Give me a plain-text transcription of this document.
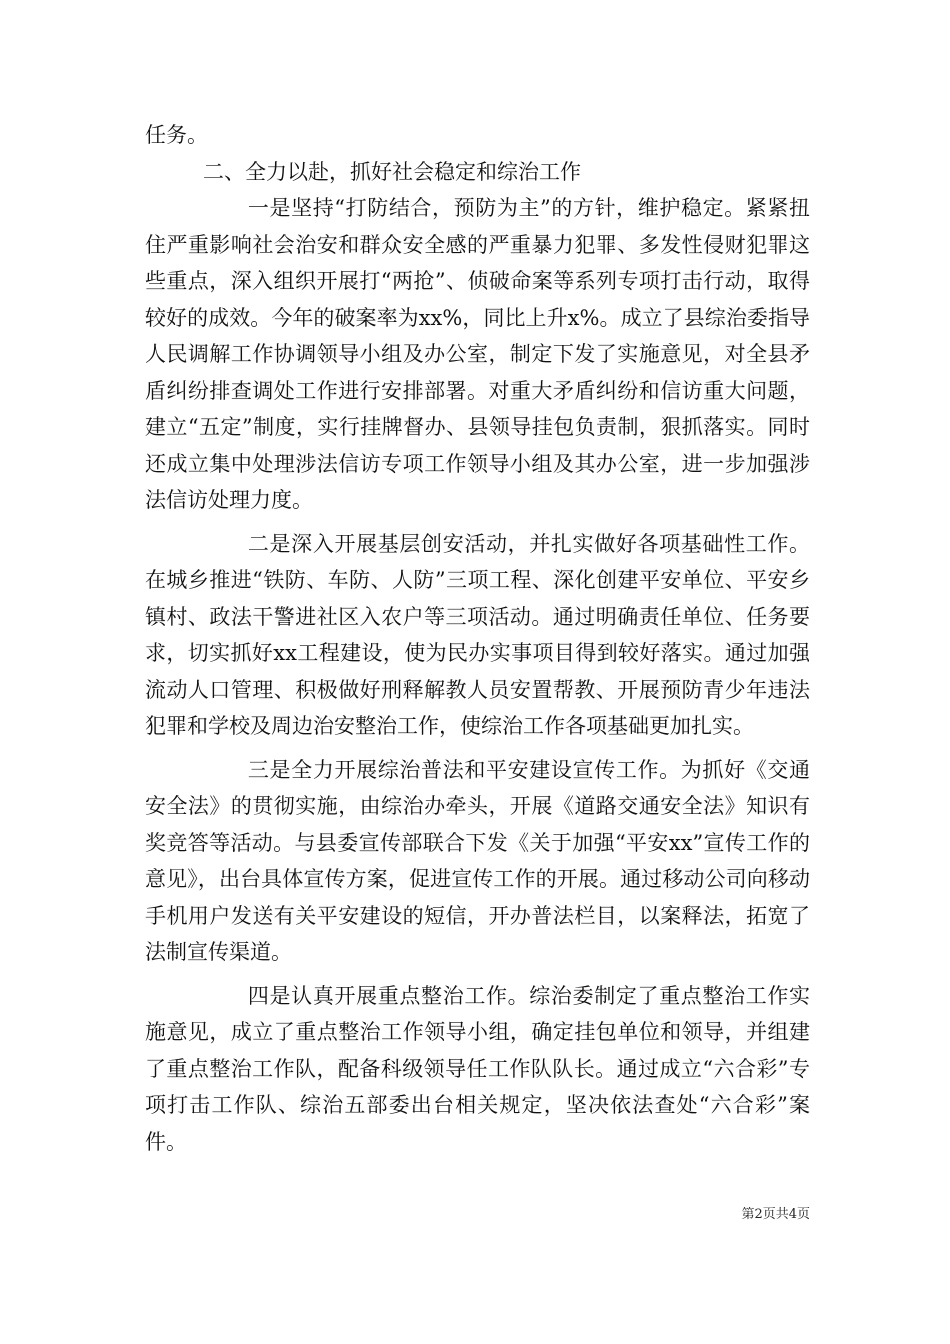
任务。

二、全力以赴，抓好社会稳定和综治工作

一是坚持“打防结合，预防为主”的方针，维护稳定。紧紧扭住严重影响社会治安和群众安全感的严重暴力犯罪、多发性侵财犯罪这些重点，深入组织开展打“两抢”、侦破命案等系列专项打击行动，取得较好的成效。今年的破案率为xx%，同比上升x%。成立了县综治委指导人民调解工作协调领导小组及办公室，制定下发了实施意见，对全县矛盾纠纷排查调处工作进行安排部署。对重大矛盾纠纷和信访重大问题，建立“五定”制度，实行挂牌督办、县领导挂包负责制，狠抓落实。同时还成立集中处理涉法信访专项工作领导小组及其办公室，进一步加强涉法信访处理力度。

二是深入开展基层创安活动，并扎实做好各项基础性工作。在城乡推进“铁防、车防、人防”三项工程、深化创建平安单位、平安乡镇村、政法干警进社区入农户等三项活动。通过明确责任单位、任务要求，切实抓好xx工程建设，使为民办实事项目得到较好落实。通过加强流动人口管理、积极做好刑释解教人员安置帮教、开展预防青少年违法犯罪和学校及周边治安整治工作，使综治工作各项基础更加扎实。

三是全力开展综治普法和平安建设宣传工作。为抓好《交通安全法》的贯彻实施，由综治办牵头，开展《道路交通安全法》知识有奖竞答等活动。与县委宣传部联合下发《关于加强“平安xx”宣传工作的意见》，出台具体宣传方案，促进宣传工作的开展。通过移动公司向移动手机用户发送有关平安建设的短信，开办普法栏目，以案释法，拓宽了法制宣传渠道。

四是认真开展重点整治工作。综治委制定了重点整治工作实施意见，成立了重点整治工作领导小组，确定挂包单位和领导，并组建了重点整治工作队，配备科级领导任工作队队长。通过成立“六合彩”专项打击工作队、综治五部委出台相关规定，坚决依法查处“六合彩”案件。

第2页共4页
